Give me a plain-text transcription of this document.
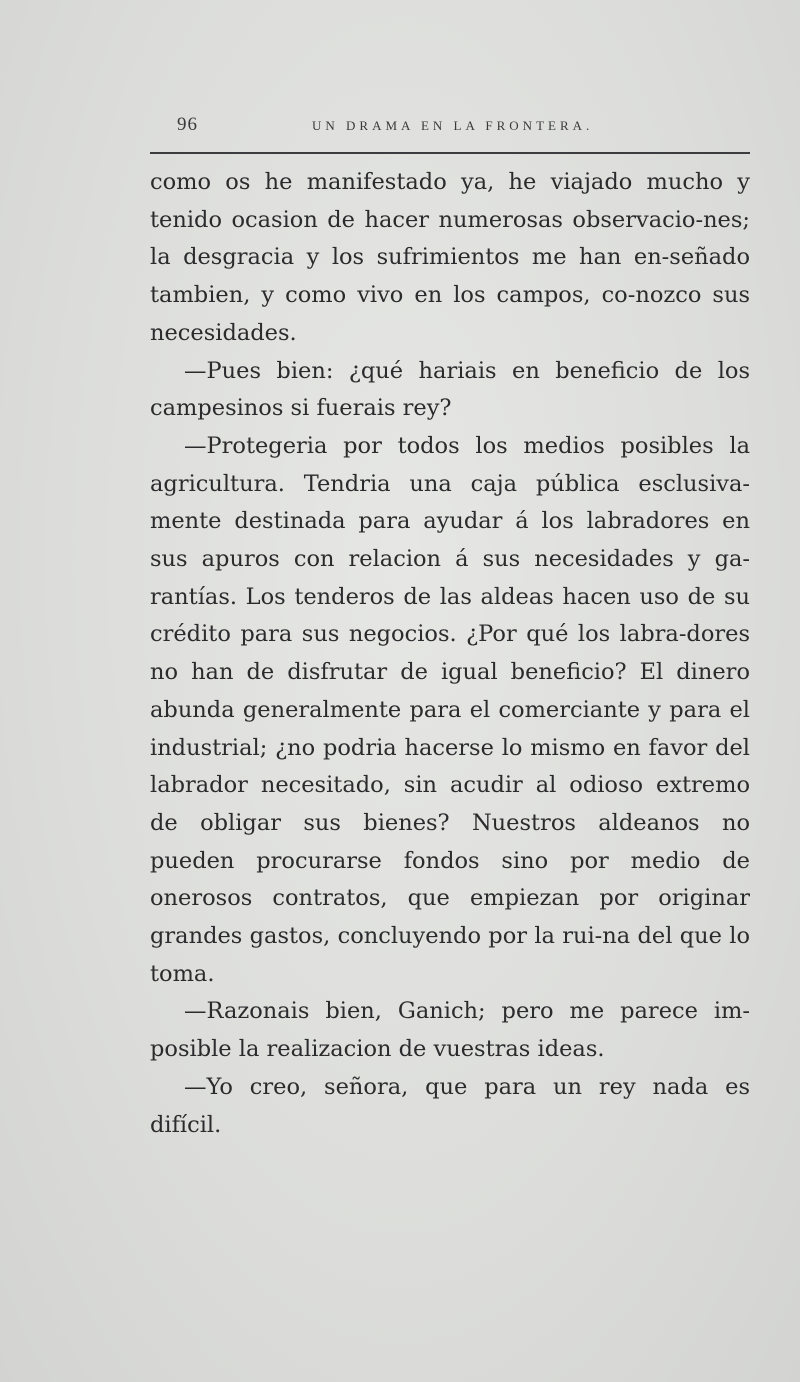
96	UN DRAMA EN LA FRONTERA.

como os he manifestado ya, he viajado mucho y tenido ocasion de hacer numerosas observacio-nes; la desgracia y los sufrimientos me han en-señado tambien, y como vivo en los campos, co-nozco sus necesidades.

—Pues bien: ¿qué hariais en beneficio de los campesinos si fuerais rey?

—Protegeria por todos los medios posibles la agricultura. Tendria una caja pública esclusiva-mente destinada para ayudar á los labradores en sus apuros con relacion á sus necesidades y ga-rantías. Los tenderos de las aldeas hacen uso de su crédito para sus negocios. ¿Por qué los labra-dores no han de disfrutar de igual beneficio? El dinero abunda generalmente para el comerciante y para el industrial; ¿no podria hacerse lo mismo en favor del labrador necesitado, sin acudir al odioso extremo de obligar sus bienes? Nuestros aldeanos no pueden procurarse fondos sino por medio de onerosos contratos, que empiezan por originar grandes gastos, concluyendo por la rui-na del que lo toma.

—Razonais bien, Ganich; pero me parece im-posible la realizacion de vuestras ideas.

—Yo creo, señora, que para un rey nada es difícil.
